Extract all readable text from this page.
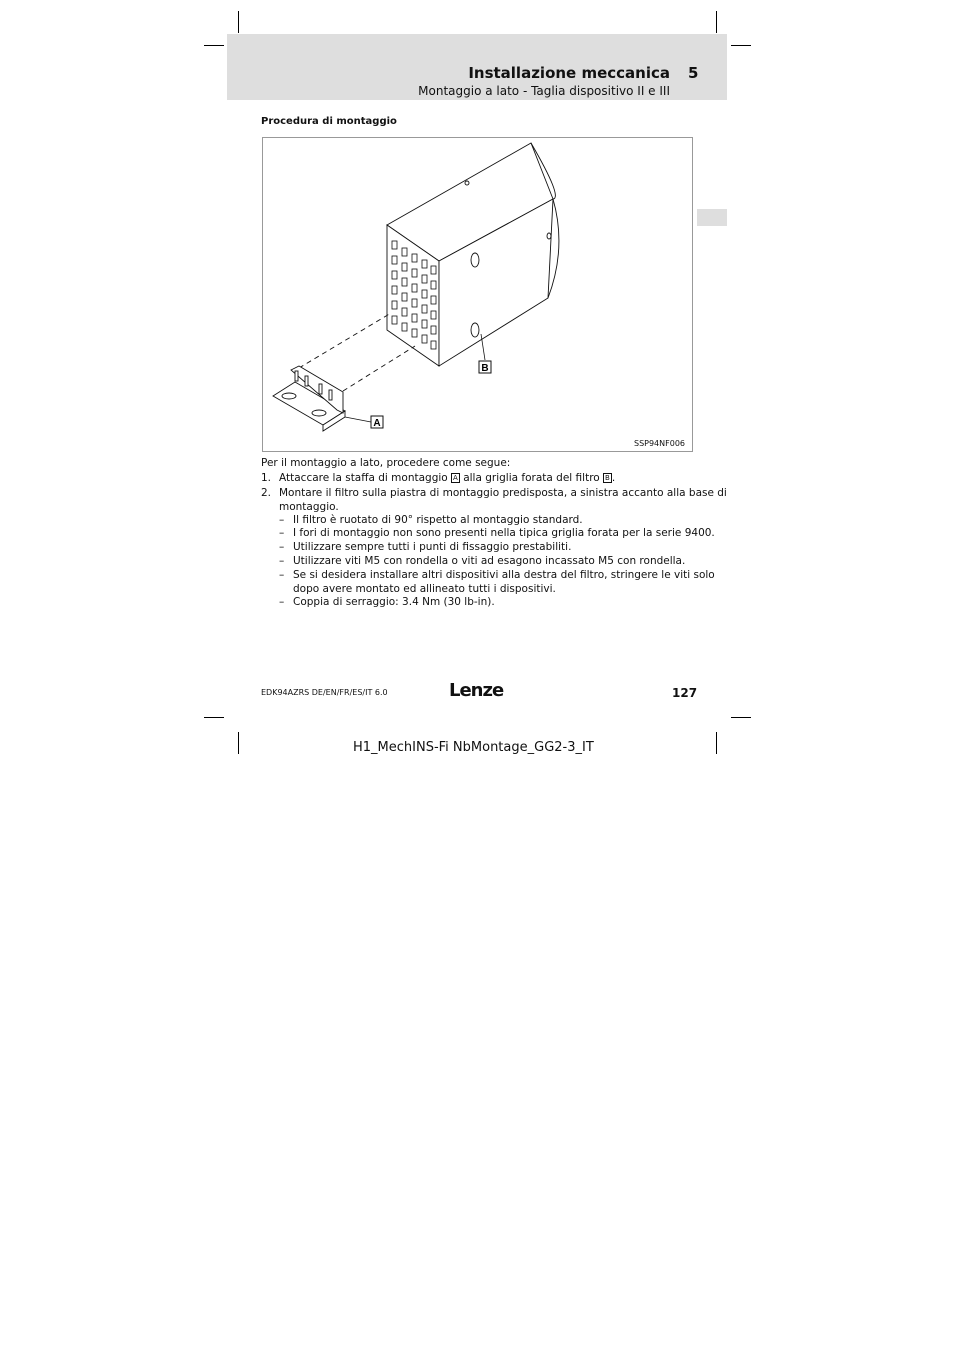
Installazione meccanica 5
Montaggio a lato - Taglia dispositivo II e III
Procedura di montaggio
A
B
SSP94NF006
Per il montaggio a lato, procedere come segue:
1. Attaccare la staffa di montaggio A alla griglia forata del filtro B .
2. Montare il filtro sulla piastra di montaggio predisposta, a sinistra accanto alla base di
montaggio.
– Il filtro è ruotato di 90° rispetto al montaggio standard.
– I fori di montaggio non sono presenti nella tipica griglia forata per la serie 9400.
– Utilizzare sempre tutti i punti di fissaggio prestabiliti.
– Utilizzare viti M5 con rondella o viti ad esagono incassato M5 con rondella.
– Se si desidera installare altri dispositivi alla destra del filtro, stringere le viti solo
dopo avere montato ed allineato tutti i dispositivi.
– Coppia di serraggio: 3.4 Nm (30 lb-in).
EDK94AZRS DE/EN/FR/ES/IT 6.0	Lenze	127
H1_MechINS-Fi NbMontage_GG2-3_IT
